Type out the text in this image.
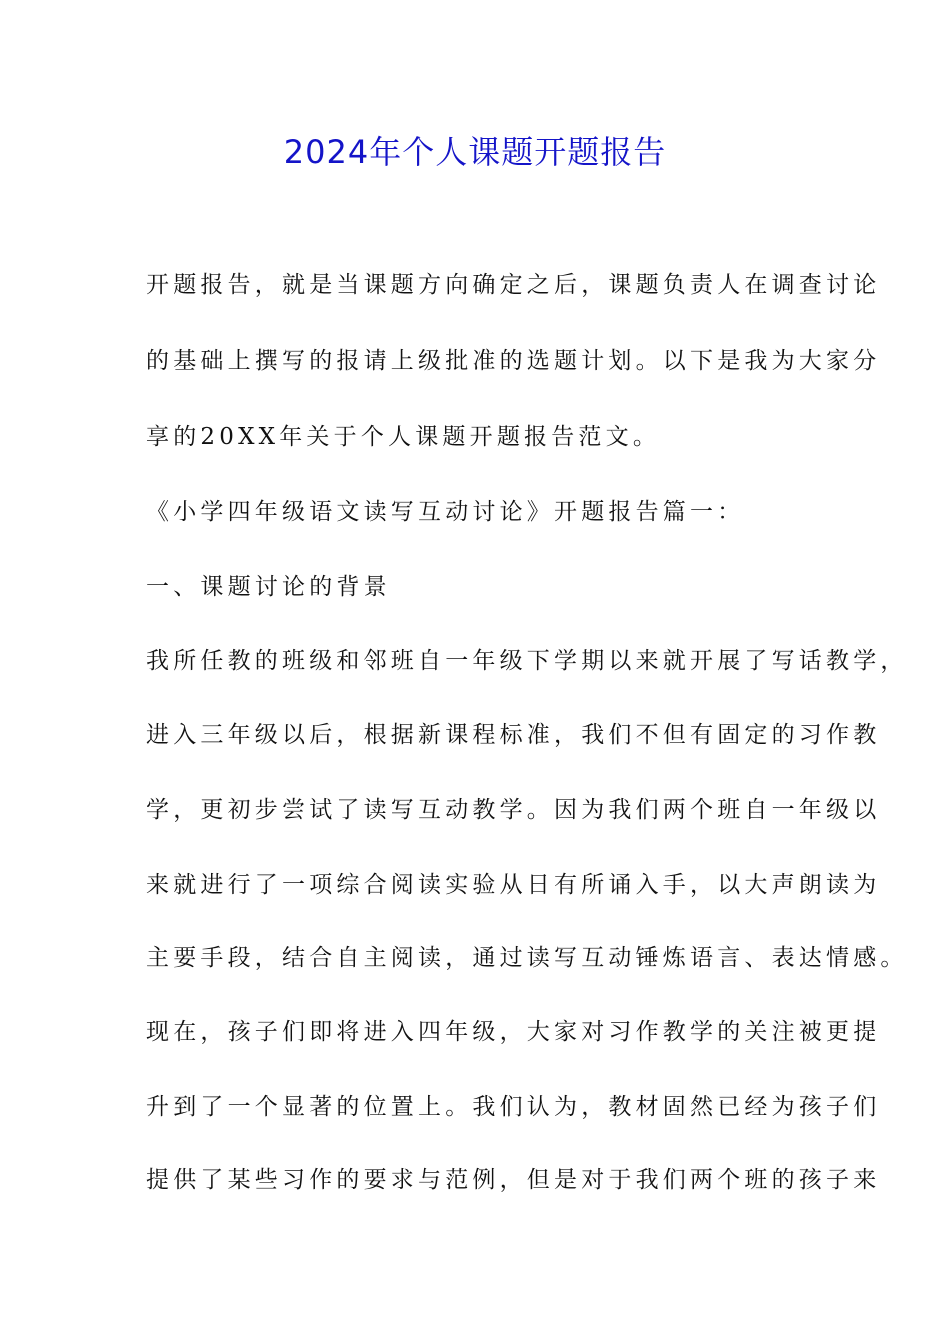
2024年个人课题开题报告
开题报告，就是当课题方向确定之后，课题负责人在调查讨论
的基础上撰写的报请上级批准的选题计划。以下是我为大家分
享的20XX年关于个人课题开题报告范文。
《小学四年级语文读写互动讨论》开题报告篇一：
一、课题讨论的背景
我所任教的班级和邻班自一年级下学期以来就开展了写话教学，
进入三年级以后，根据新课程标准，我们不但有固定的习作教
学，更初步尝试了读写互动教学。因为我们两个班自一年级以
来就进行了一项综合阅读实验从日有所诵入手，以大声朗读为
主要手段，结合自主阅读，通过读写互动锤炼语言、表达情感。
现在，孩子们即将进入四年级，大家对习作教学的关注被更提
升到了一个显著的位置上。我们认为，教材固然已经为孩子们
提供了某些习作的要求与范例，但是对于我们两个班的孩子来
